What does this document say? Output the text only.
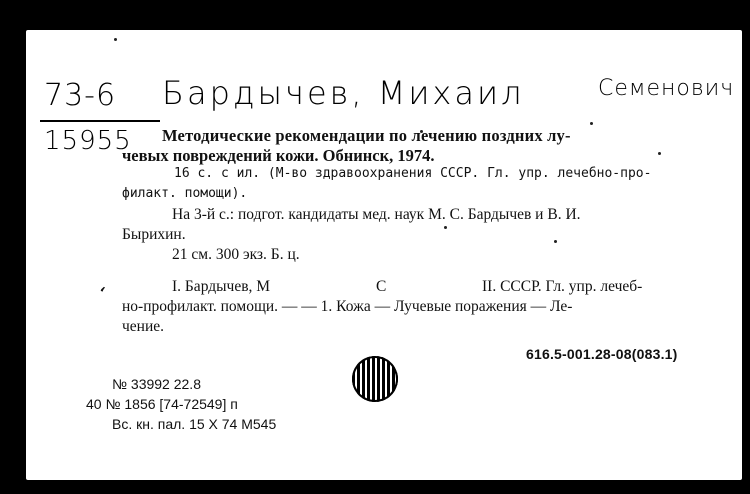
73-6
15955
Бардычев, Михаил	Семенович
Методические рекомендации по лечению поздних лу-
чевых повреждений кожи. Обнинск, 1974.
16 с. с ил. (М-во здравоохранения СССР. Гл. упр. лечебно-про-
филакт. помощи).
На 3-й с.: подгот. кандидаты мед. наук М. С. Бардычев и В. И.
Бырихин.
21 см. 300 экз. Б. ц.
I. Бардычев, М	С	II. СССР. Гл. упр. лечеб-
но-профилакт. помощи. — — 1. Кожа — Лучевые поражения — Ле-
чение.
616.5-001.28-08(083.1)
№ 33992 22.8
40 № 1856 [74-72549] п
Вс. кн. пал. 15 Х 74 М545
ʻ
